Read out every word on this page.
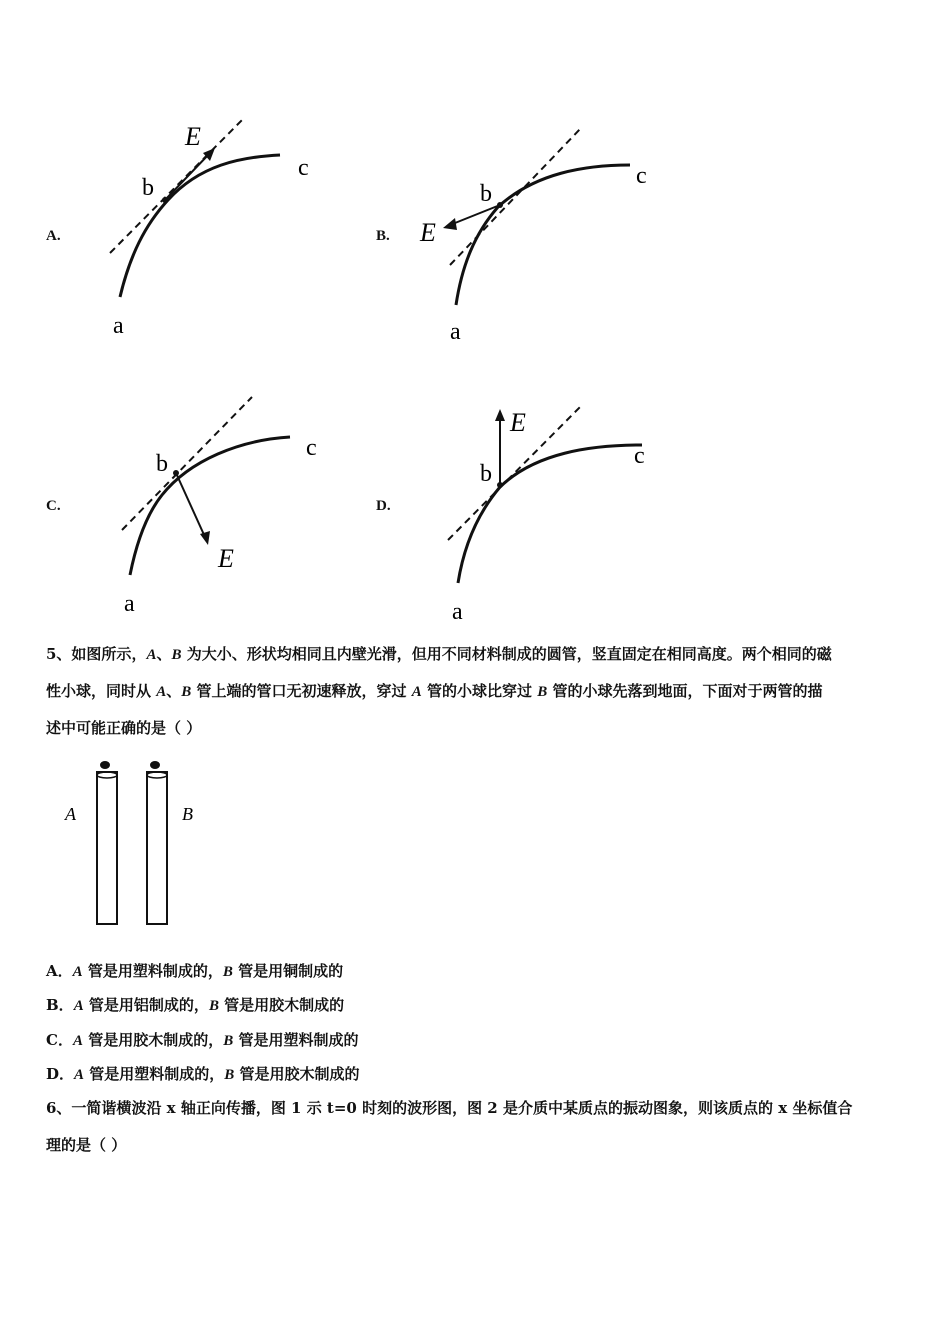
A.
E
b
c
a
B. E
b
c
a
C.
E
b
c
a
D.
E
b
c
a
5、如图所示，A、B 为大小、形状均相同且内壁光滑，但用不同材料制成的圆管，竖直固定在相同高度。两个相同的磁
性小球，同时从 A、B 管上端的管口无初速释放，穿过 A 管的小球比穿过 B 管的小球先落到地面，下面对于两管的描
述中可能正确的是（ ）
A	B
A．A 管是用塑料制成的，B 管是用铜制成的
B．A 管是用铝制成的，B 管是用胶木制成的
C．A 管是用胶木制成的，B 管是用塑料制成的
D．A 管是用塑料制成的，B 管是用胶木制成的
6、一简谐横波沿 x 轴正向传播，图 1 示 t=0 时刻的波形图，图 2 是介质中某质点的振动图象，则该质点的 x 坐标值合
理的是（ ）
